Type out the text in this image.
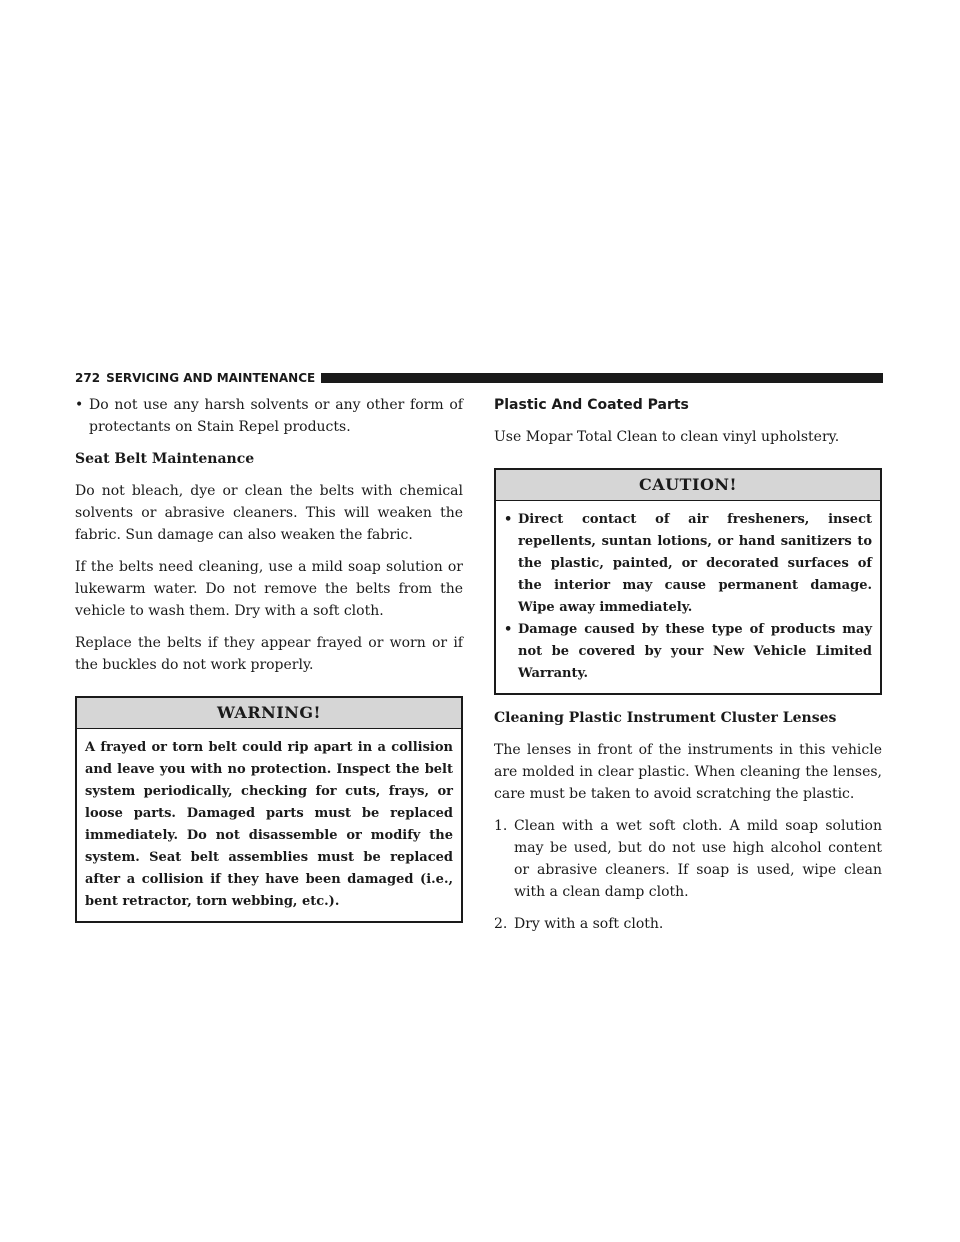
272 SERVICING AND MAINTENANCE
• Do not use any harsh solvents or any other form of protectants on Stain Repel products.
Seat Belt Maintenance

Do not bleach, dye or clean the belts with chemical solvents or abrasive cleaners. This will weaken the fabric. Sun damage can also weaken the fabric.

If the belts need cleaning, use a mild soap solution or lukewarm water. Do not remove the belts from the vehicle to wash them. Dry with a soft cloth.

Replace the belts if they appear frayed or worn or if the buckles do not work properly.

WARNING!
A frayed or torn belt could rip apart in a collision and leave you with no protection. Inspect the belt system periodically, checking for cuts, frays, or loose parts. Damaged parts must be replaced immediately. Do not disassemble or modify the system. Seat belt assemblies must be replaced after a collision if they have been damaged (i.e., bent retractor, torn webbing, etc.).
Plastic And Coated Parts

Use Mopar Total Clean to clean vinyl upholstery.

CAUTION!
• Direct contact of air fresheners, insect repellents, suntan lotions, or hand sanitizers to the plastic, painted, or decorated surfaces of the interior may cause permanent damage. Wipe away immediately.
• Damage caused by these type of products may not be covered by your New Vehicle Limited Warranty.
Cleaning Plastic Instrument Cluster Lenses

The lenses in front of the instruments in this vehicle are molded in clear plastic. When cleaning the lenses, care must be taken to avoid scratching the plastic.

1. Clean with a wet soft cloth. A mild soap solution may be used, but do not use high alcohol content or abrasive cleaners. If soap is used, wipe clean with a clean damp cloth.
2. Dry with a soft cloth.
